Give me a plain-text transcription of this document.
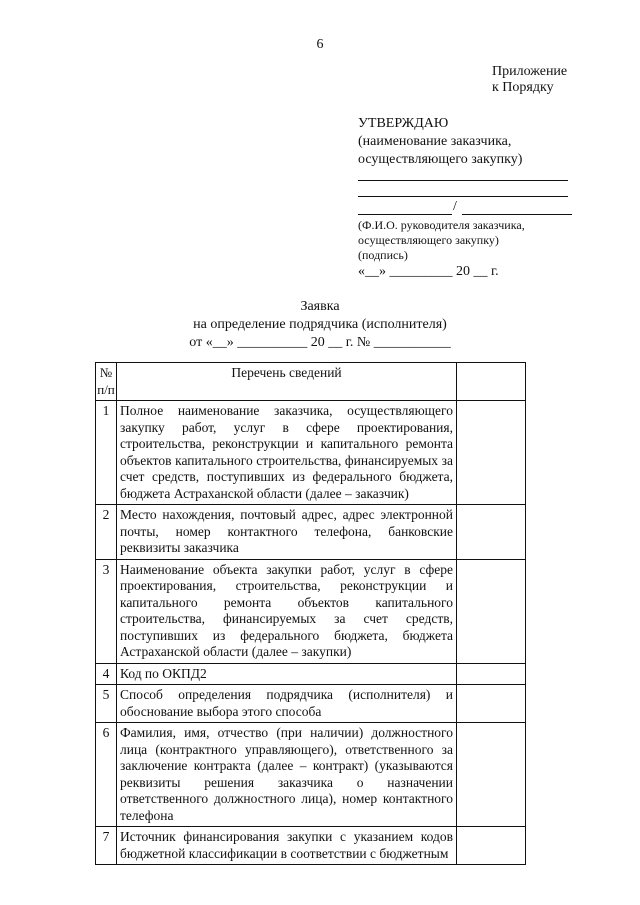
6
Приложение
к Порядку
УТВЕРЖДАЮ
(наименование заказчика,
осуществляющего закупку)
/
(Ф.И.О. руководителя заказчика,
осуществляющего закупку)
(подпись)
«__» _________ 20 __ г.
Заявка
на определение подрядчика (исполнителя)
от «__» __________ 20 __ г. № ___________
№ п/п	Перечень сведений	
1	Полное наименование заказчика, осуществляющего закупку работ, услуг в сфере проектирования, строительства, реконструкции и капитального ремонта объектов капитального строительства, финансируемых за счет средств, поступивших из федерального бюджета, бюджета Астраханской области (далее – заказчик)	
2	Место нахождения, почтовый адрес, адрес электронной почты, номер контактного телефона, банковские реквизиты заказчика	
3	Наименование объекта закупки работ, услуг в сфере проектирования, строительства, реконструкции и капитального ремонта объектов капитального строительства, финансируемых за счет средств, поступивших из федерального бюджета, бюджета Астраханской области (далее – закупки)	
4	Код по ОКПД2	
5	Способ определения подрядчика (исполнителя) и обоснование выбора этого способа	
6	Фамилия, имя, отчество (при наличии) должностного лица (контрактного управляющего), ответственного за заключение контракта (далее – контракт) (указываются реквизиты решения заказчика о назначении ответственного должностного лица), номер контактного телефона	
7	Источник финансирования закупки с указанием кодов бюджетной классификации в соответствии с бюджетным	
